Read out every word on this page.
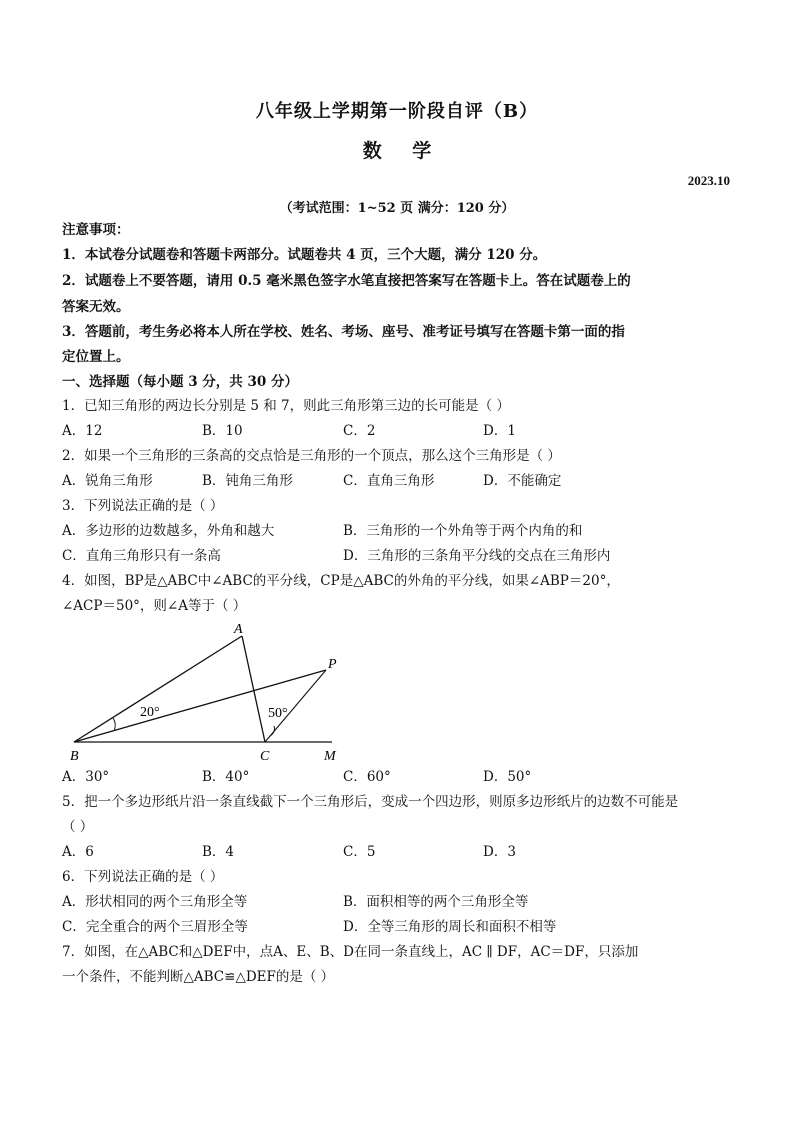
八年级上学期第一阶段自评（B）
数 学
2023.10
（考试范围：1~52 页 满分：120 分）
注意事项：
1．本试卷分试题卷和答题卡两部分。试题卷共 4 页，三个大题，满分 120 分。
2．试题卷上不要答题，请用 0.5 毫米黑色签字水笔直接把答案写在答题卡上。答在试题卷上的
答案无效。
3．答题前，考生务必将本人所在学校、姓名、考场、座号、准考证号填写在答题卡第一面的指
定位置上。
一、选择题（每小题 3 分，共 30 分）
1．已知三角形的两边长分别是 5 和 7，则此三角形第三边的长可能是（ ）
A．12	B．10	C．2	D．1
2．如果一个三角形的三条高的交点恰是三角形的一个顶点，那么这个三角形是（ ）
A．锐角三角形	B．钝角三角形	C．直角三角形	D．不能确定
3．下列说法正确的是（ ）
A．多边形的边数越多，外角和越大	B．三角形的一个外角等于两个内角的和
C．直角三角形只有一条高	D．三角形的三条角平分线的交点在三角形内
4．如图，BP是△ABC中∠ABC的平分线，CP是△ABC的外角的平分线，如果∠ABP＝20°，
∠ACP＝50°，则∠A等于（ ）
A
P
B	C	M
20°	50°
A．30°	B．40°	C．60°	D．50°
5．把一个多边形纸片沿一条直线截下一个三角形后，变成一个四边形，则原多边形纸片的边数不可能是
（ ）
A．6	B．4	C．5	D．3
6．下列说法正确的是（ ）
A．形状相同的两个三角形全等	B．面积相等的两个三角形全等
C．完全重合的两个三眉形全等	D．全等三角形的周长和面积不相等
7．如图，在△ABC和△DEF中，点A、E、B、D在同一条直线上，AC ∥ DF，AC＝DF，只添加
一个条件，不能判断△ABC≌△DEF的是（ ）
